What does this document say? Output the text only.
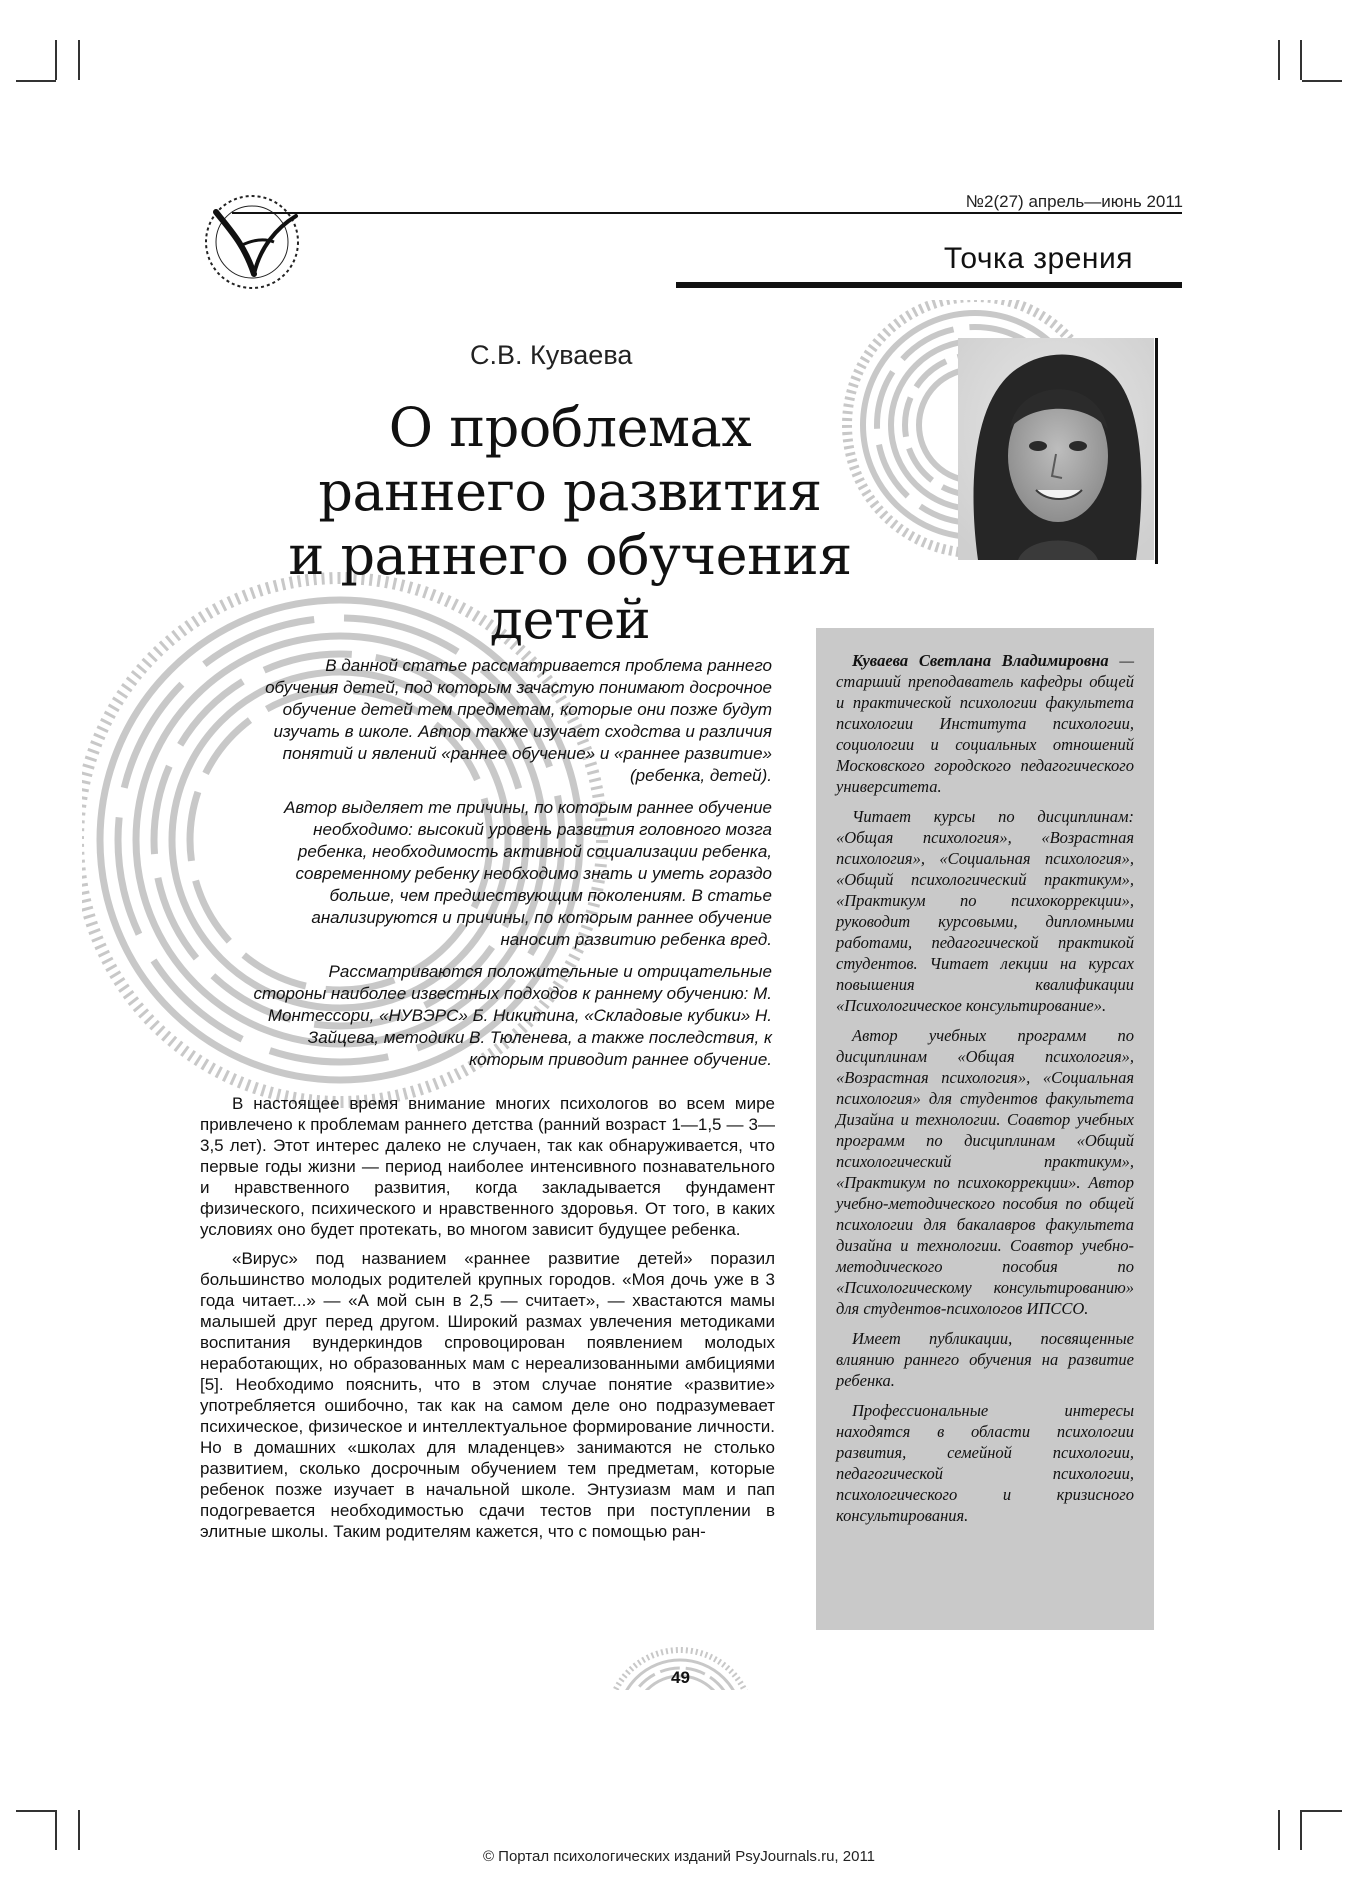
№2(27) апрель—июнь 2011
Точка зрения
С.В. Куваева
О проблемах
раннего развития
и раннего обучения детей

В данной статье рассматривается проблема раннего обучения детей, под которым зачастую понимают досрочное обучение детей тем предметам, которые они позже будут изучать в школе. Автор также изучает сходства и различия понятий и явлений «раннее обучение» и «раннее развитие» (ребенка, детей).

Автор выделяет те причины, по которым раннее обучение необходимо: высокий уровень развития головного мозга ребенка, необходимость активной социализации ребенка, современному ребенку необходимо знать и уметь гораздо больше, чем предшествующим поколениям. В статье анализируются и причины, по которым раннее обучение наносит развитию ребенка вред.

Рассматриваются положительные и отрицательные стороны наиболее известных подходов к раннему обучению: М. Монтессори, «НУВЭРС» Б. Никитина, «Складовые кубики» Н. Зайцева, методики В. Тюленева, а также последствия, к которым приводит раннее обучение.

В настоящее время внимание многих психологов во всем мире привлечено к проблемам раннего детства (ранний возраст 1—1,5 — 3—3,5 лет). Этот интерес далеко не случаен, так как обнаруживается, что первые годы жизни — период наиболее интенсивного познавательного и нравственного развития, когда закладывается фундамент физического, психического и нравственного здоровья. От того, в каких условиях оно будет протекать, во многом зависит будущее ребенка.

«Вирус» под названием «раннее развитие детей» поразил большинство молодых родителей крупных городов. «Моя дочь уже в 3 года читает...» — «А мой сын в 2,5 — считает», — хвастаются мамы малышей друг перед другом. Широкий размах увлечения методиками воспитания вундеркиндов спровоцирован появлением молодых неработающих, но образованных мам с нереализованными амбициями [5]. Необходимо пояснить, что в этом случае понятие «развитие» употребляется ошибочно, так как на самом деле оно подразумевает психическое, физическое и интеллектуальное формирование личности. Но в домашних «школах для младенцев» занимаются не столько развитием, сколько досрочным обучением тем предметам, которые ребенок позже изучает в начальной школе. Энтузиазм мам и пап подогревается необходимостью сдачи тестов при поступлении в элитные школы. Таким родителям кажется, что с помощью ран-

Куваева Светлана Владимировна — старший преподаватель кафедры общей и практической психологии факультета психологии Института психологии, социологии и социальных отношений Московского городского педагогического университета.

Читает курсы по дисциплинам: «Общая психология», «Возрастная психология», «Социальная психология», «Общий психологический практикум», «Практикум по психокоррекции», руководит курсовыми, дипломными работами, педагогической практикой студентов. Читает лекции на курсах повышения квалификации «Психологическое консультирование».

Автор учебных программ по дисциплинам «Общая психология», «Возрастная психология», «Социальная психология» для студентов факультета Дизайна и технологии. Соавтор учебных программ по дисциплинам «Общий психологический практикум», «Практикум по психокоррекции». Автор учебно-методического пособия по общей психологии для бакалавров факультета дизайна и технологии. Соавтор учебно-методического пособия по «Психологическому консультированию» для студентов-психологов ИПССО.

Имеет публикации, посвященные влиянию раннего обучения на развитие ребенка.

Профессиональные интересы находятся в области психологии развития, семейной психологии, педагогической психологии, психологического и кризисного консультирования.

49
© Портал психологических изданий PsyJournals.ru, 2011
